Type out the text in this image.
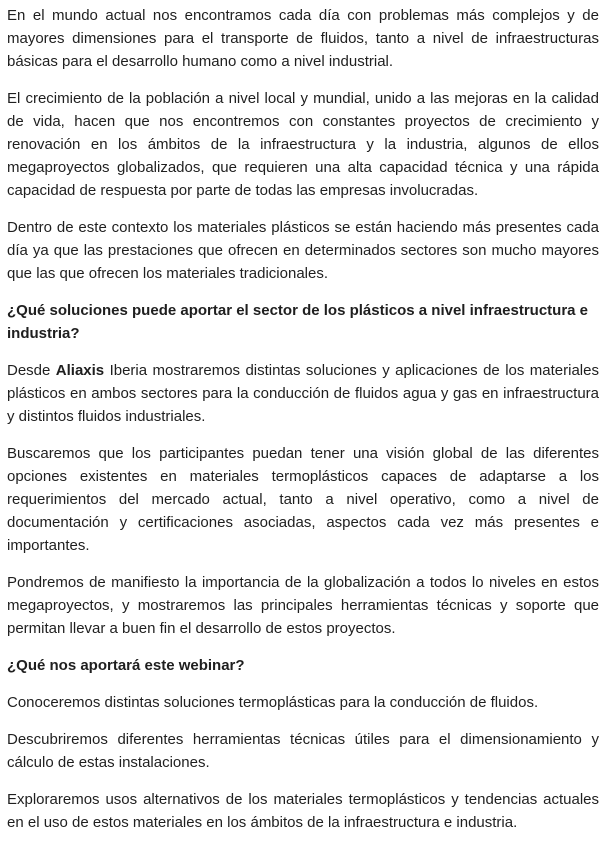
En el mundo actual nos encontramos cada día con problemas más complejos y de mayores dimensiones para el transporte de fluidos, tanto a nivel de infraestructuras básicas para el desarrollo humano como a nivel industrial.

El crecimiento de la población a nivel local y mundial, unido a las mejoras en la calidad de vida, hacen que nos encontremos con constantes proyectos de crecimiento y renovación en los ámbitos de la infraestructura y la industria, algunos de ellos megaproyectos globalizados, que requieren una alta capacidad técnica y una rápida capacidad de respuesta por parte de todas las empresas involucradas.

Dentro de este contexto los materiales plásticos se están haciendo más presentes cada día ya que las prestaciones que ofrecen en determinados sectores son mucho mayores que las que ofrecen los materiales tradicionales.

¿Qué soluciones puede aportar el sector de los plásticos a nivel infraestructura e industria?

Desde Aliaxis Iberia mostraremos distintas soluciones y aplicaciones de los materiales plásticos en ambos sectores para la conducción de fluidos agua y gas en infraestructura y distintos fluidos industriales.

Buscaremos que los participantes puedan tener una visión global de las diferentes opciones existentes en materiales termoplásticos capaces de adaptarse a los requerimientos del mercado actual, tanto a nivel operativo, como a nivel de documentación y certificaciones asociadas, aspectos cada vez más presentes e importantes.

Pondremos de manifiesto la importancia de la globalización a todos lo niveles en estos megaproyectos, y mostraremos las principales herramientas técnicas y soporte que permitan llevar a buen fin el desarrollo de estos proyectos.

¿Qué nos aportará este webinar?

Conoceremos distintas soluciones termoplásticas para la conducción de fluidos.

Descubriremos diferentes herramientas técnicas útiles para el dimensionamiento y cálculo de estas instalaciones.

Exploraremos usos alternativos de los materiales termoplásticos y tendencias actuales en el uso de estos materiales en los ámbitos de la infraestructura e industria.
